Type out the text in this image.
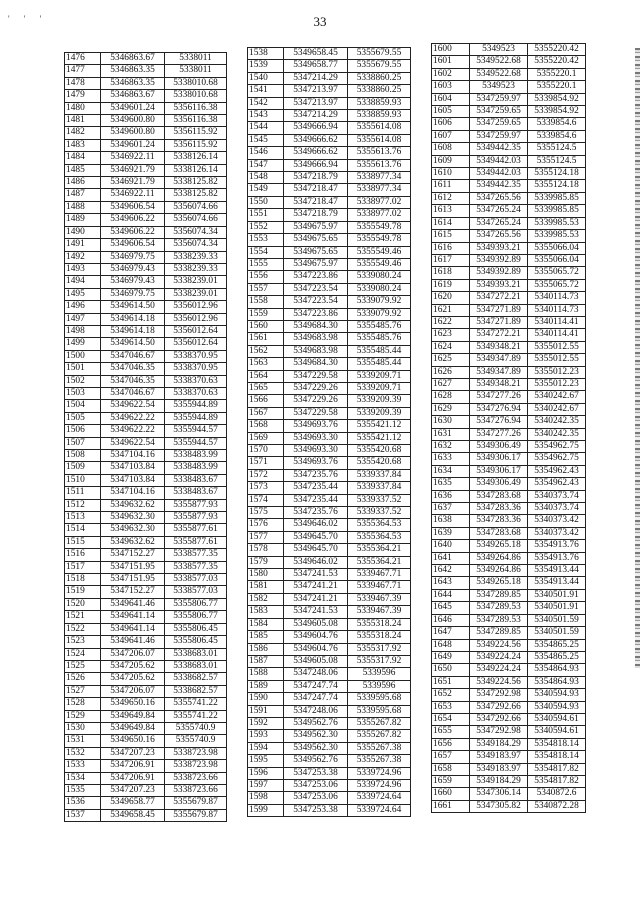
' ' '	33
1476	5346863.67	5338011
1477	5346863.35	5338011
1478	5346863.35	5338010.68
1479	5346863.67	5338010.68
1480	5349601.24	5356116.38
1481	5349600.80	5356116.38
1482	5349600.80	5356115.92
1483	5349601.24	5356115.92
1484	5346922.11	5338126.14
1485	5346921.79	5338126.14
1486	5346921.79	5338125.82
1487	5346922.11	5338125.82
1488	5349606.54	5356074.66
1489	5349606.22	5356074.66
1490	5349606.22	5356074.34
1491	5349606.54	5356074.34
1492	5346979.75	5338239.33
1493	5346979.43	5338239.33
1494	5346979.43	5338239.01
1495	5346979.75	5338239.01
1496	5349614.50	5356012.96
1497	5349614.18	5356012.96
1498	5349614.18	5356012.64
1499	5349614.50	5356012.64
1500	5347046.67	5338370.95
1501	5347046.35	5338370.95
1502	5347046.35	5338370.63
1503	5347046.67	5338370.63
1504	5349622.54	5355944.89
1505	5349622.22	5355944.89
1506	5349622.22	5355944.57
1507	5349622.54	5355944.57
1508	5347104.16	5338483.99
1509	5347103.84	5338483.99
1510	5347103.84	5338483.67
1511	5347104.16	5338483.67
1512	5349632.62	5355877.93
1513	5349632.30	5355877.93
1514	5349632.30	5355877.61
1515	5349632.62	5355877.61
1516	5347152.27	5338577.35
1517	5347151.95	5338577.35
1518	5347151.95	5338577.03
1519	5347152.27	5338577.03
1520	5349641.46	5355806.77
1521	5349641.14	5355806.77
1522	5349641.14	5355806.45
1523	5349641.46	5355806.45
1524	5347206.07	5338683.01
1525	5347205.62	5338683.01
1526	5347205.62	5338682.57
1527	5347206.07	5338682.57
1528	5349650.16	5355741.22
1529	5349649.84	5355741.22
1530	5349649.84	5355740.9
1531	5349650.16	5355740.9
1532	5347207.23	5338723.98
1533	5347206.91	5338723.98
1534	5347206.91	5338723.66
1535	5347207.23	5338723.66
1536	5349658.77	5355679.87
1537	5349658.45	5355679.87
1538	5349658.45	5355679.55
1539	5349658.77	5355679.55
1540	5347214.29	5338860.25
1541	5347213.97	5338860.25
1542	5347213.97	5338859.93
1543	5347214.29	5338859.93
1544	5349666.94	5355614.08
1545	5349666.62	5355614.08
1546	5349666.62	5355613.76
1547	5349666.94	5355613.76
1548	5347218.79	5338977.34
1549	5347218.47	5338977.34
1550	5347218.47	5338977.02
1551	5347218.79	5338977.02
1552	5349675.97	5355549.78
1553	5349675.65	5355549.78
1554	5349675.65	5355549.46
1555	5349675.97	5355549.46
1556	5347223.86	5339080.24
1557	5347223.54	5339080.24
1558	5347223.54	5339079.92
1559	5347223.86	5339079.92
1560	5349684.30	5355485.76
1561	5349683.98	5355485.76
1562	5349683.98	5355485.44
1563	5349684.30	5355485.44
1564	5347229.58	5339209.71
1565	5347229.26	5339209.71
1566	5347229.26	5339209.39
1567	5347229.58	5339209.39
1568	5349693.76	5355421.12
1569	5349693.30	5355421.12
1570	5349693.30	5355420.68
1571	5349693.76	5355420.68
1572	5347235.76	5339337.84
1573	5347235.44	5339337.84
1574	5347235.44	5339337.52
1575	5347235.76	5339337.52
1576	5349646.02	5355364.53
1577	5349645.70	5355364.53
1578	5349645.70	5355364.21
1579	5349646.02	5355364.21
1580	5347241.53	5339467.71
1581	5347241.21	5339467.71
1582	5347241.21	5339467.39
1583	5347241.53	5339467.39
1584	5349605.08	5355318.24
1585	5349604.76	5355318.24
1586	5349604.76	5355317.92
1587	5349605.08	5355317.92
1588	5347248.06	5339596
1589	5347247.74	5339596
1590	5347247.74	5339595.68
1591	5347248.06	5339595.68
1592	5349562.76	5355267.82
1593	5349562.30	5355267.82
1594	5349562.30	5355267.38
1595	5349562.76	5355267.38
1596	5347253.38	5339724.96
1597	5347253.06	5339724.96
1598	5347253.06	5339724.64
1599	5347253.38	5339724.64
1600	5349523	5355220.42
1601	5349522.68	5355220.42
1602	5349522.68	5355220.1
1603	5349523	5355220.1
1604	5347259.97	5339854.92
1605	5347259.65	5339854.92
1606	5347259.65	5339854.6
1607	5347259.97	5339854.6
1608	5349442.35	5355124.5
1609	5349442.03	5355124.5
1610	5349442.03	5355124.18
1611	5349442.35	5355124.18
1612	5347265.56	5339985.85
1613	5347265.24	5339985.85
1614	5347265.24	5339985.53
1615	5347265.56	5339985.53
1616	5349393.21	5355066.04
1617	5349392.89	5355066.04
1618	5349392.89	5355065.72
1619	5349393.21	5355065.72
1620	5347272.21	5340114.73
1621	5347271.89	5340114.73
1622	5347271.89	5340114.41
1623	5347272.21	5340114.41
1624	5349348.21	5355012.55
1625	5349347.89	5355012.55
1626	5349347.89	5355012.23
1627	5349348.21	5355012.23
1628	5347277.26	5340242.67
1629	5347276.94	5340242.67
1630	5347276.94	5340242.35
1631	5347277.26	5340242.35
1632	5349306.49	5354962.75
1633	5349306.17	5354962.75
1634	5349306.17	5354962.43
1635	5349306.49	5354962.43
1636	5347283.68	5340373.74
1637	5347283.36	5340373.74
1638	5347283.36	5340373.42
1639	5347283.68	5340373.42
1640	5349265.18	5354913.76
1641	5349264.86	5354913.76
1642	5349264.86	5354913.44
1643	5349265.18	5354913.44
1644	5347289.85	5340501.91
1645	5347289.53	5340501.91
1646	5347289.53	5340501.59
1647	5347289.85	5340501.59
1648	5349224.56	5354865.25
1649	5349224.24	5354865.25
1650	5349224.24	5354864.93
1651	5349224.56	5354864.93
1652	5347292.98	5340594.93
1653	5347292.66	5340594.93
1654	5347292.66	5340594.61
1655	5347292.98	5340594.61
1656	5349184.29	5354818.14
1657	5349183.97	5354818.14
1658	5349183.97	5354817.82
1659	5349184.29	5354817.82
1660	5347306.14	5340872.6
1661	5347305.82	5340872.28
